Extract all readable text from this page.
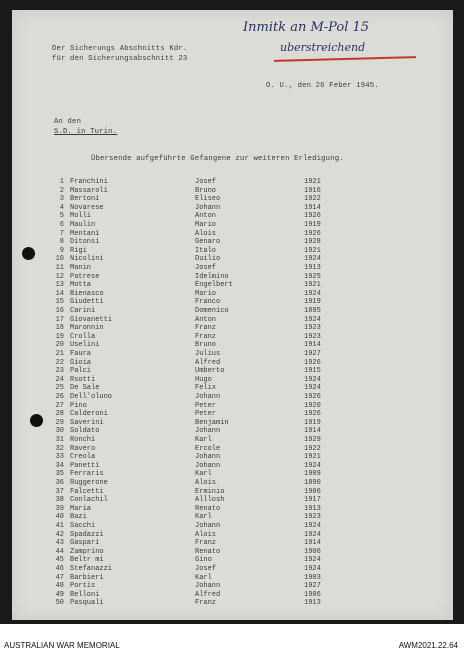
Der Sicherungs Abschnitts Kdr.
für den Sicherungsabschnitt 23
Inmitk an M-Pol 15
uberstreichend
O. U., den 26 Feber 1945.
An den
S.D. in Turin.
Übersende aufgeführte Gefangene zur weiteren Erledigung.
1 Franchini	Josef	1921
2 Massaroli	Bruno	1916
3 Bertoni	Eliseo	1922
4 Novarese	Johann	1914
5 Molli	Anton	1926
6 Maulin	Mario	1919
7 Mentani	Alois	1926
8 Ditonsi	Genaro	1928
9 Rigi	Italo	1921
10 Nicolini	Duilio	1924
11 Manin	Josef	1913
12 Patrese	Idelmino	1925
13 Motta	Engelbert	1921
14 Bienasco	Mario	1924
15 Giudetti	Franco	1919
16 Carini	Domenico	1895
17 Giovanetti	Anton	1924
18 Maronnin	Franz	1923
19 Crolla	Franz	1923
20 Uselini	Bruno	1914
21 Faura	Julius	1927
22 Gioia	Alfred	1926
23 Palci	Umberto	1915
24 Rsotti	Hugo	1924
25 De Sale	Felix	1924
26 Dell'oluno	Johann	1926
27 Pino	Peter	1920
28 Calderoni	Peter	1926
29 Saverini	Benjamin	1919
30 Soldato	Johann	1914
31 Ronchi	Karl	1929
32 Ravero	Ercole	1922
33 Creola	Johann	1921
34 Panetti	Johann	1924
35 Ferraris	Karl	1909
36 Ruggerone	Alois	1890
37 Falcetti	Erminio	1906
38 Conlachil	Alllosh	1917
39 Maria	Renato	1913
40 Bazi	Karl	1923
41 Sacchi	Johann	1924
42 Spadazzi	Alois	1924
43 Gaspari	Franz	1914
44 Zamprino	Renato	1906
45 Beltr mi	Gino	1924
46 Stefanazzi	Josef	1924
47 Barbieri	Karl	1903
48 Portis	Johann	1927
49 Belloni	Alfred	1906
50 Pasquali	Franz	1913
AUSTRALIAN WAR MEMORIAL	AWM2021.22.64
